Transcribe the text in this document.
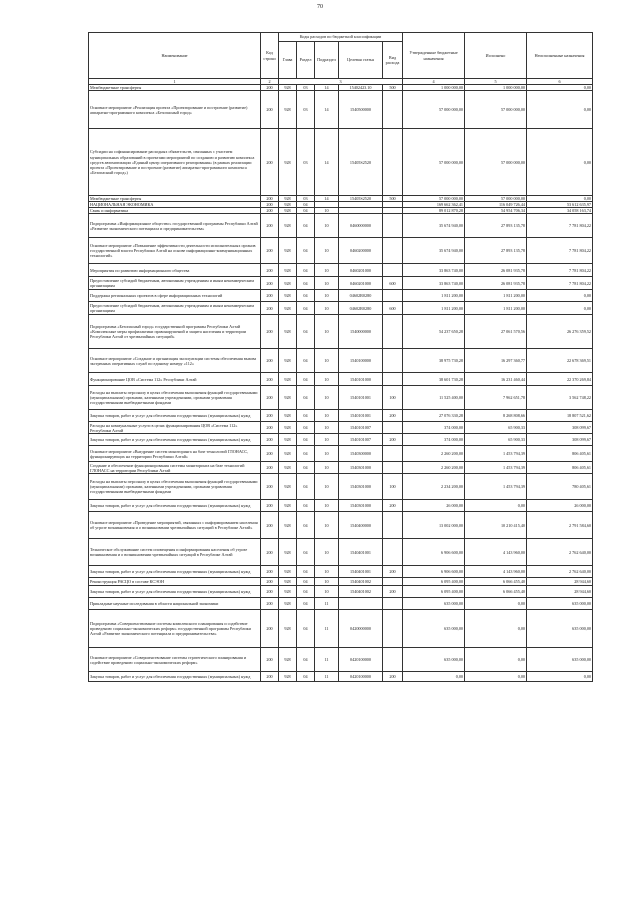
70
Наименование	Код строки	Коды расходов по бюджетной классификации					Утвержденные бюджетные назначения	Исполнено	Неисполненные назначения
		Глава	Раздел	Подраздел	Целевая статья	Вид расхода			
1	2	3					4	5	6
Межбюджетные трансферты	200	928	03	14	15402423.10	500	1 000 000,00	1 000 000,00	0,00
Основное мероприятие «Реализация проекта «Проектирование и построение (развитие) аппаратно-программного комплекса «Безопасный город»	200	928	03	14	1540500000		57 000 000,00	57 000 000,00	0,00
Субсидии на софинансирование расходных обязательств, связанных с участием муниципальных образований в проектами мероприятий по созданию и развитию комплекса средств автоматизации «Единый центр оперативного реагирования» (в рамках реализации проекта «Проектирование и построение (развитие) аппаратно-программного комплекса «Безопасный город»)	200	928	03	14	15405S2520		57 000 000,00	57 000 000,00	0,00
Межбюджетные трансферты	200	928	03	14	15405S2520	500	57 000 000,00	57 000 000,00	0,00
НАЦИОНАЛЬНАЯ ЭКОНОМИКА	200	928	04				169 662 362,41	116 049 726,44	53 612 635,97
Связь и информатика	200	928	04	10			89 012 870,28	54 954 706,34	34 058 163,74
Подпрограмма «Информационное общество» государственной программы Республики Алтай «Развитие экономического потенциала и предпринимательства»	200	928	04	10	0460000000		35 674 940,00	27 893 135,78	7 781 804,22
Основное мероприятие «Повышение эффективности деятельности исполнительных органов государственной власти Республики Алтай на основе информационно-коммуникационных технологий»	200	928	04	10	0460200000		35 674 940,00	27 893 135,78	7 781 804,22
Мероприятия по развитию информационного общества	200	928	04	10	0460201000		33 863 740,00	26 081 935,78	7 781 804,22
Предоставление субсидий бюджетным, автономным учреждениям и иным некоммерческим организациям	200	928	04	10	0460201000	600	33 863 740,00	26 081 935,78	7 781 804,22
Поддержка региональных проектов в сфере информационных технологий	200	928	04	10	04602R0280		1 811 200,00	1 811 200,00	0,00
Предоставление субсидий бюджетным, автономным учреждениям и иным некоммерческим организациям	200	928	04	10	04602R0280	600	1 811 200,00	1 811 200,00	0,00
Подпрограмма «Безопасный город» государственной программы Республики Алтай «Комплексные меры профилактики правонарушений и защита населения и территории Республики Алтай от чрезвычайных ситуаций»	200	928	04	10	1540000000		54 237 650,28	27 061 570,56	26 276 359,52
Основное мероприятие «Создание и организация эксплуатации системы обеспечения вызова экстренных оперативных служб по единому номеру «112»	200	928	04	10	1540100000		38 975 730,28	16 297 360,77	22 678 369,51
Функционирование ЦОВ «Система 112» Республики Алтай	200	928	04	10	1540101000		38 601 730,28	16 231 460,44	22 370 269,84
Расходы на выплаты персоналу в целях обеспечения выполнения функций государственными (муниципальными) органами, казенными учреждениями, органами управления государственными внебюджетными фондами	200	928	04	10	1540101001	100	11 525 400,00	7 962 651,78	3 562 748,22
Закупка товаров, работ и услуг для обеспечения государственных (муниципальных) нужд	200	928	04	10	1540101001	200	27 076 330,28	8 268 808,66	18 807 521,62
Расходы на коммунальные услуги в целях функционирования ЦОВ «Система 112» Республики Алтай	200	928	04	10	1540101007		374 000,00	65 900,33	308 099,67
Закупка товаров, работ и услуг для обеспечения государственных (муниципальных) нужд	200	928	04	10	1540101007	200	374 000,00	65 900,33	308 099,67
Основное мероприятие «Внедрение систем мониторинга на базе технологий ГЛОНАСС, функционирующих на территории Республики Алтай»	200	928	04	10	1540300000		2 260 200,00	1 453 794,39	806 405,61
Создание и обеспечение функционирования системы мониторинга на базе технологий ГЛОНАСС на территории Республики Алтай	200	928	04	10	1540301000		2 260 200,00	1 453 794,39	806 405,61
Расходы на выплаты персоналу в целях обеспечения выполнения функций государственными (муниципальными) органами, казенными учреждениями, органами управления государственными внебюджетными фондами	200	928	04	10	1540301000	100	2 234 200,00	1 453 794,39	780 405,61
Закупка товаров, работ и услуг для обеспечения государственных (муниципальных) нужд	200	928	04	10	1540301000	200	26 000,00	0,00	26 000,00
Основное мероприятие «Проведение мероприятий, связанных с информированием населения об угрозе возникновения и о возникновении чрезвычайных ситуаций в Республике Алтай»	200	928	04	10	1540400000		13 002 000,00	10 210 415,40	2 791 584,60
Техническое обслуживание систем оповещения и информирования населения об угрозе возникновения и о возникновении чрезвычайных ситуаций в Республике Алтай	200	928	04	10	1540401001		6 906 600,00	4 143 960,00	2 762 640,00
Закупка товаров, работ и услуг для обеспечения государственных (муниципальных) нужд	200	928	04	10	1540401001	200	6 906 600,00	4 143 960,00	2 762 640,00
Реконструкция РАСЦО в составе КСЭОН	200	928	04	10	1540401002		6 095 400,00	6 066 455,40	28 944,60
Закупка товаров, работ и услуг для обеспечения государственных (муниципальных) нужд	200	928	04	10	1540401002	200	6 095 400,00	6 066 455,40	28 944,60
Прикладные научные исследования в области национальной экономики	200	928	04	11			635 000,00	0,00	635 000,00
Подпрограмма «Совершенствование системы комплексного планирования и содействие проведению социально-экономических реформ» государственной программы Республики Алтай «Развитие экономического потенциала и предпринимательства»	200	928	04	11	0420000000		635 000,00	0,00	635 000,00
Основное мероприятие «Совершенствование системы стратегического планирования и содействие проведению социально-экономических реформ»	200	928	04	11	0420100000		635 000,00	0,00	635 000,00
Закупка товаров, работ и услуг для обеспечения государственных (муниципальных) нужд	200	928	04	11	0420100000	200	0,00	0,00	0,00
